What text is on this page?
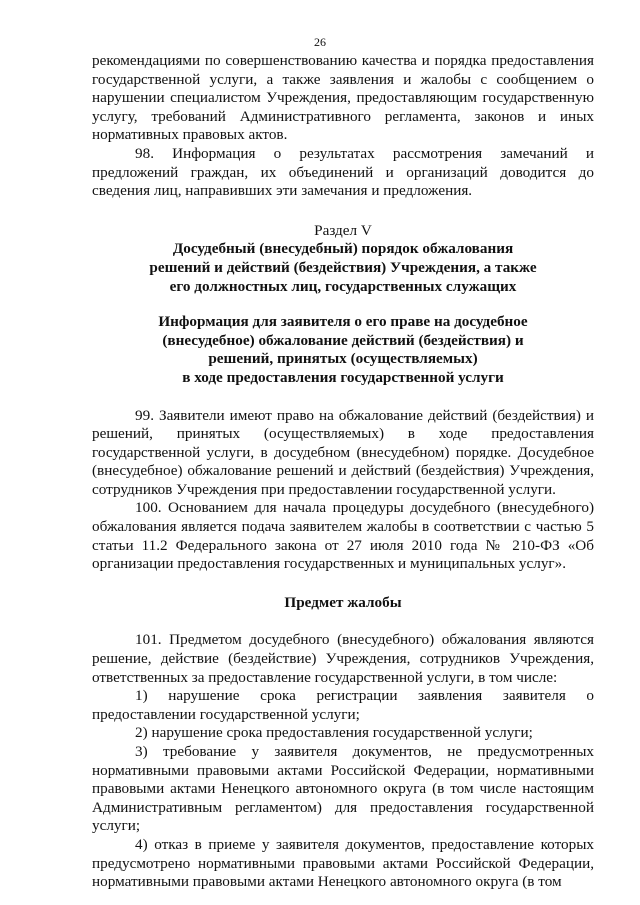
26

рекомендациями по совершенствованию качества и порядка предоставления государственной услуги, а также заявления и жалобы с сообщением о нарушении специалистом Учреждения, предоставляющим государственную услугу, требований Административного регламента, законов и иных нормативных правовых актов.

98. Информация о результатах рассмотрения замечаний и предложений граждан, их объединений и организаций доводится до сведения лиц, направивших эти замечания и предложения.

Раздел V

Досудебный (внесудебный) порядок обжалования

решений и действий (бездействия) Учреждения, а также

его должностных лиц, государственных служащих

Информация для заявителя о его праве на досудебное

(внесудебное) обжалование действий (бездействия) и

решений, принятых (осуществляемых)

в ходе предоставления государственной услуги

99. Заявители имеют право на обжалование действий (бездействия) и решений, принятых (осуществляемых) в ходе предоставления государственной услуги, в досудебном (внесудебном) порядке. Досудебное (внесудебное) обжалование решений и действий (бездействия) Учреждения, сотрудников Учреждения при предоставлении государственной услуги.

100. Основанием для начала процедуры досудебного (внесудебного) обжалования является подача заявителем жалобы в соответствии с частью 5 статьи 11.2 Федерального закона от 27 июля 2010 года № 210-ФЗ «Об организации предоставления государственных и муниципальных услуг».

Предмет жалобы

101. Предметом досудебного (внесудебного) обжалования являются решение, действие (бездействие) Учреждения, сотрудников Учреждения, ответственных за предоставление государственной услуги, в том числе:

1) нарушение срока регистрации заявления заявителя о предоставлении государственной услуги;

2) нарушение срока предоставления государственной услуги;

3) требование у заявителя документов, не предусмотренных нормативными правовыми актами Российской Федерации, нормативными правовыми актами Ненецкого автономного округа (в том числе настоящим Административным регламентом) для предоставления государственной услуги;

4) отказ в приеме у заявителя документов, предоставление которых предусмотрено нормативными правовыми актами Российской Федерации, нормативными правовыми актами Ненецкого автономного округа (в том
